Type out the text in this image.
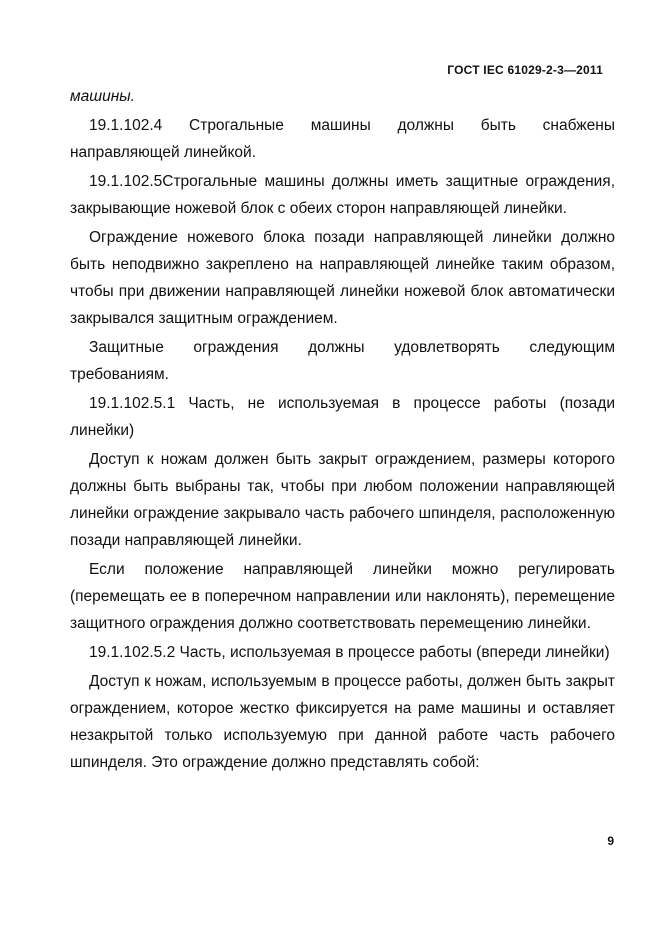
ГОСТ IEC 61029-2-3—2011

машины.

19.1.102.4 Строгальные машины должны быть снабжены направляющей линейкой.

19.1.102.5Строгальные машины должны иметь защитные ограждения, закрывающие ножевой блок с обеих сторон направляющей линейки.

Ограждение ножевого блока позади направляющей линейки должно быть неподвижно закреплено на направляющей линейке таким образом, чтобы при движении направляющей линейки ножевой блок автоматически закрывался защитным ограждением.

Защитные ограждения должны удовлетворять следующим требованиям.

19.1.102.5.1 Часть, не используемая в процессе работы (позади линейки)

Доступ к ножам должен быть закрыт ограждением, размеры которого должны быть выбраны так, чтобы при любом положении направляющей линейки ограждение закрывало часть рабочего шпинделя, расположенную позади направляющей линейки.

Если положение направляющей линейки можно регулировать (перемещать ее в поперечном направлении или наклонять), перемещение защитного ограждения должно соответствовать перемещению линейки.

19.1.102.5.2 Часть, используемая в процессе работы (впереди линейки)

Доступ к ножам, используемым в процессе работы, должен быть закрыт ограждением, которое жестко фиксируется на раме машины и оставляет незакрытой только используемую при данной работе часть рабочего шпинделя. Это ограждение должно представлять собой:

9
